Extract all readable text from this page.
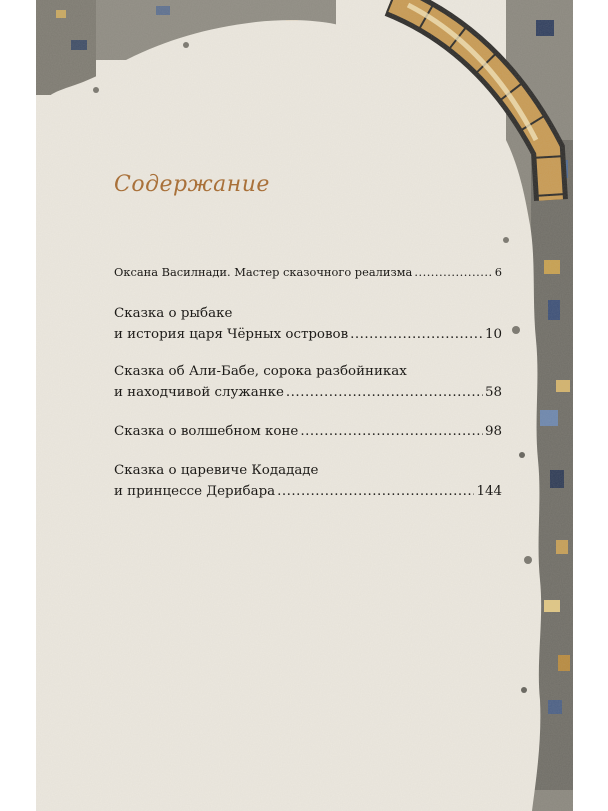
Содержание
Оксана Василнади. Мастер сказочного реализма .....	6
Сказка о рыбаке
и история царя Чёрных островов .....	10
Сказка об Али-Бабе, сорока разбойниках
и находчивой служанке .....	58
Сказка о волшебном коне .....	98
Сказка о царевиче Кодададе
и принцессе Дерибара .....	144
